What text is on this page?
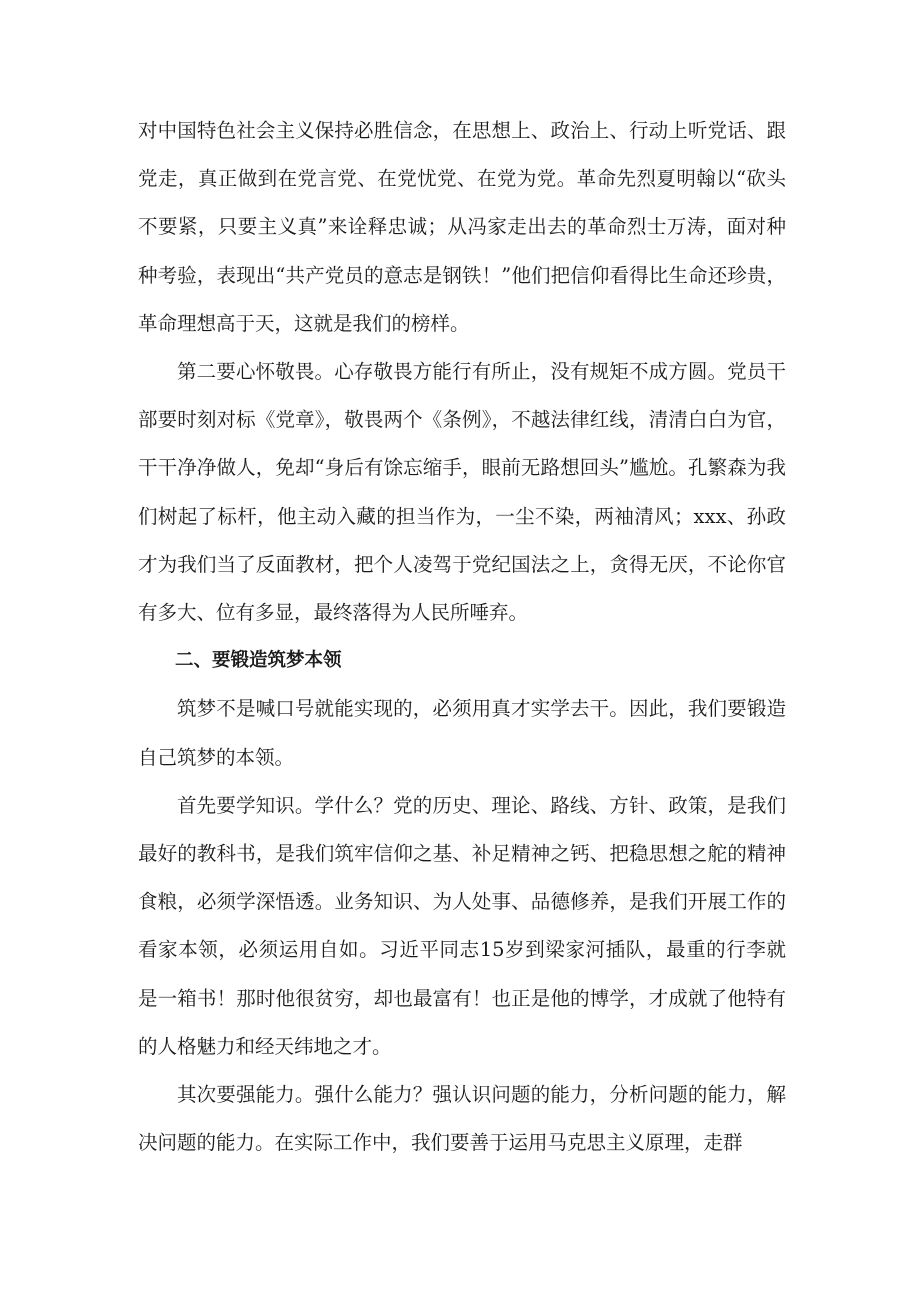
对中国特色社会主义保持必胜信念，在思想上、政治上、行动上听党话、跟党走，真正做到在党言党、在党忧党、在党为党。革命先烈夏明翰以“砍头不要紧，只要主义真”来诠释忠诚；从冯家走出去的革命烈士万涛，面对种种考验，表现出“共产党员的意志是钢铁！”他们把信仰看得比生命还珍贵，革命理想高于天，这就是我们的榜样。

第二要心怀敬畏。心存敬畏方能行有所止，没有规矩不成方圆。党员干部要时刻对标《党章》，敬畏两个《条例》，不越法律红线，清清白白为官，干干净净做人，免却“身后有馀忘缩手，眼前无路想回头”尴尬。孔繁森为我们树起了标杆，他主动入藏的担当作为，一尘不染，两袖清风；xxx、孙政才为我们当了反面教材，把个人凌驾于党纪国法之上，贪得无厌，不论你官有多大、位有多显，最终落得为人民所唾弃。

二、要锻造筑梦本领

筑梦不是喊口号就能实现的，必须用真才实学去干。因此，我们要锻造自己筑梦的本领。

首先要学知识。学什么？党的历史、理论、路线、方针、政策，是我们最好的教科书，是我们筑牢信仰之基、补足精神之钙、把稳思想之舵的精神食粮，必须学深悟透。业务知识、为人处事、品德修养，是我们开展工作的看家本领，必须运用自如。习近平同志15岁到梁家河插队，最重的行李就是一箱书！那时他很贫穷，却也最富有！也正是他的博学，才成就了他特有的人格魅力和经天纬地之才。

其次要强能力。强什么能力？强认识问题的能力，分析问题的能力，解决问题的能力。在实际工作中，我们要善于运用马克思主义原理，走群
